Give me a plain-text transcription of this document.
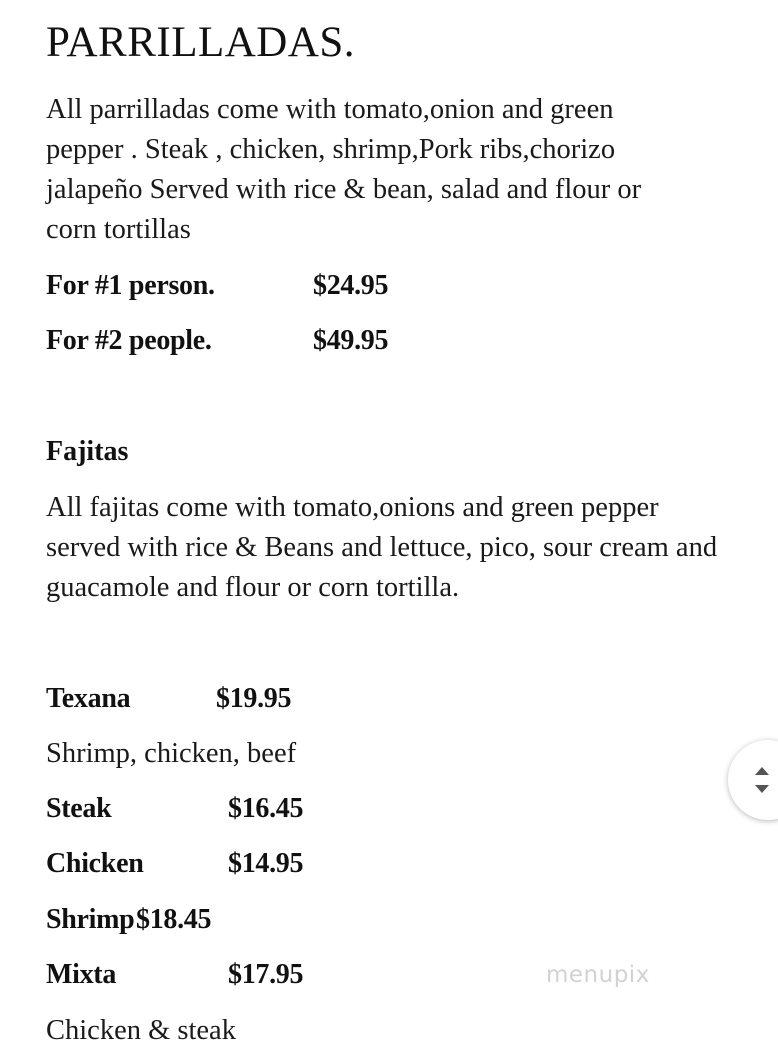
PARRILLADAS.

All parrilladas come with tomato,onion and green pepper . Steak , chicken, shrimp,Pork ribs,chorizo jalapeño Served with rice & bean, salad and flour or corn tortillas

For #1 person.	$24.95
For #2 people.	$49.95
Fajitas

All fajitas come with tomato,onions and green pepper served with rice & Beans and lettuce, pico, sour cream and guacamole and flour or corn tortilla.

Texana	$19.95
Shrimp, chicken, beef
Steak	$16.45
Chicken	$14.95
Shrimp $18.45
Mixta	$17.95
Chicken & steak
menupix
